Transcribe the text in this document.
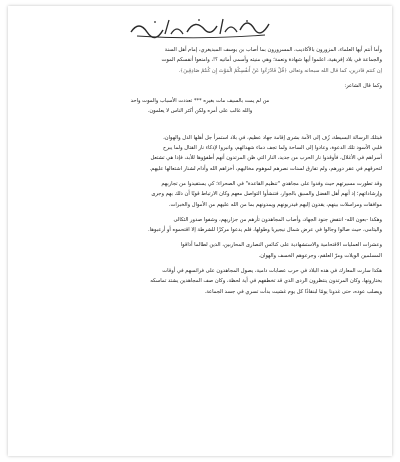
وأما أنتم أيها العلماء، المزورون بالأكاذيب، المسرورون بما أصاب بن يوسف المبديغري، إمام أهل السنة

والجماعة في بلاد إفريقية، اعلموا أيها شهادة ونعمة؛ وهي منيته وأسمى أمانيه ؟!، وامنعوا أنفسكم الموت

إن كنتم قادرين، كما قال الله سبحانه وتعالى ﴿قُلْ فَادْرَءُوا عَنْ أَنفُسِكُمُ الْمَوْتَ إِن كُنتُمْ صَادِقِينَ﴾.

وكما قال الشاعر:

من لم يمت بالسيف مات بغيره *** تعددت الأسباب والموت واحد

والله غالب على أمره ولكن أكثر الناس لا يعلمون.

فبتلك الرسالة البسيطة، زُف إلى الأمة بشرى إقامة جهاد عظيم، في بلاد استمرأ جل أهلها الذل والهوان،

فلبي الأسود تلك الدعوة، وعادوا إلى الساحة ولما تجف دماء شهدائهم، وانبروا لإذكاء نار القتال ولما يبرح

أسراهم في الأغلال، فأوقدوا نار الحرب من جديد، النار التي ظن المرتدون أنهم أطفؤوها للأبد، فإذا هي تشتعل

لتحرقهم في عقر دورهم، ولم تفارق لسنات نصرهم لموهوم مخاليهم، أخزاهم الله وأدام لشنار اشتعالها عليهم.

وقد تطورت مسيرتهم حيث وفدوا على مجاهدي "تنظيم القاعدة" في الصحراء؛ كي يستفيدوا من تجاربهم

وإرشاداتهم؛ إذ أنهم أهل الفضل والسبق بالجوار، فتنشأوا التواصل معهم وكان الارتباط قويًا أن ذلك بهم وجرى

موافقات ومراسلات بينهم، يقدون إليهم فيدربونهم ويمدونهم بما من الله عليهم من الأموال والخبرات.

وهكذا -بعون الله- انتفض جنود الجهاد، وأصاب المجاهدون تأرهم من جزاريهم، وشفوا صدور الثكالى

واليتامى، حيث صالوا وجالوا في عرض شمال نيجيريا وطولها، فلم يدعوا مركزًا للشرطة إلا اقتحموه أو أرعبوها.

وعشرات العمليات الاقتحامية والاستشهادية على كنائس النصارى المحاربين، الذين لطالما أذاقوا

المسلمين الويلات ومرّ العلقم، وجرعوهم الخسف والهوان.

هكذا سارت المعارك في هذه البلاد في حرب عصابات دامية، يصول المجاهدون على فرائسهم في أوقات

يختارونها، وكان المرتدون ينتظرون الردى الذي قد تخطفهم في أية لحظة، وكان صف المجاهدين يشتد تماسكه

ويصلب عوده، حتى غدونا يومًا لبنقاذًا كل يوم غشيت بدأت تسري في جسد الجماعة.
